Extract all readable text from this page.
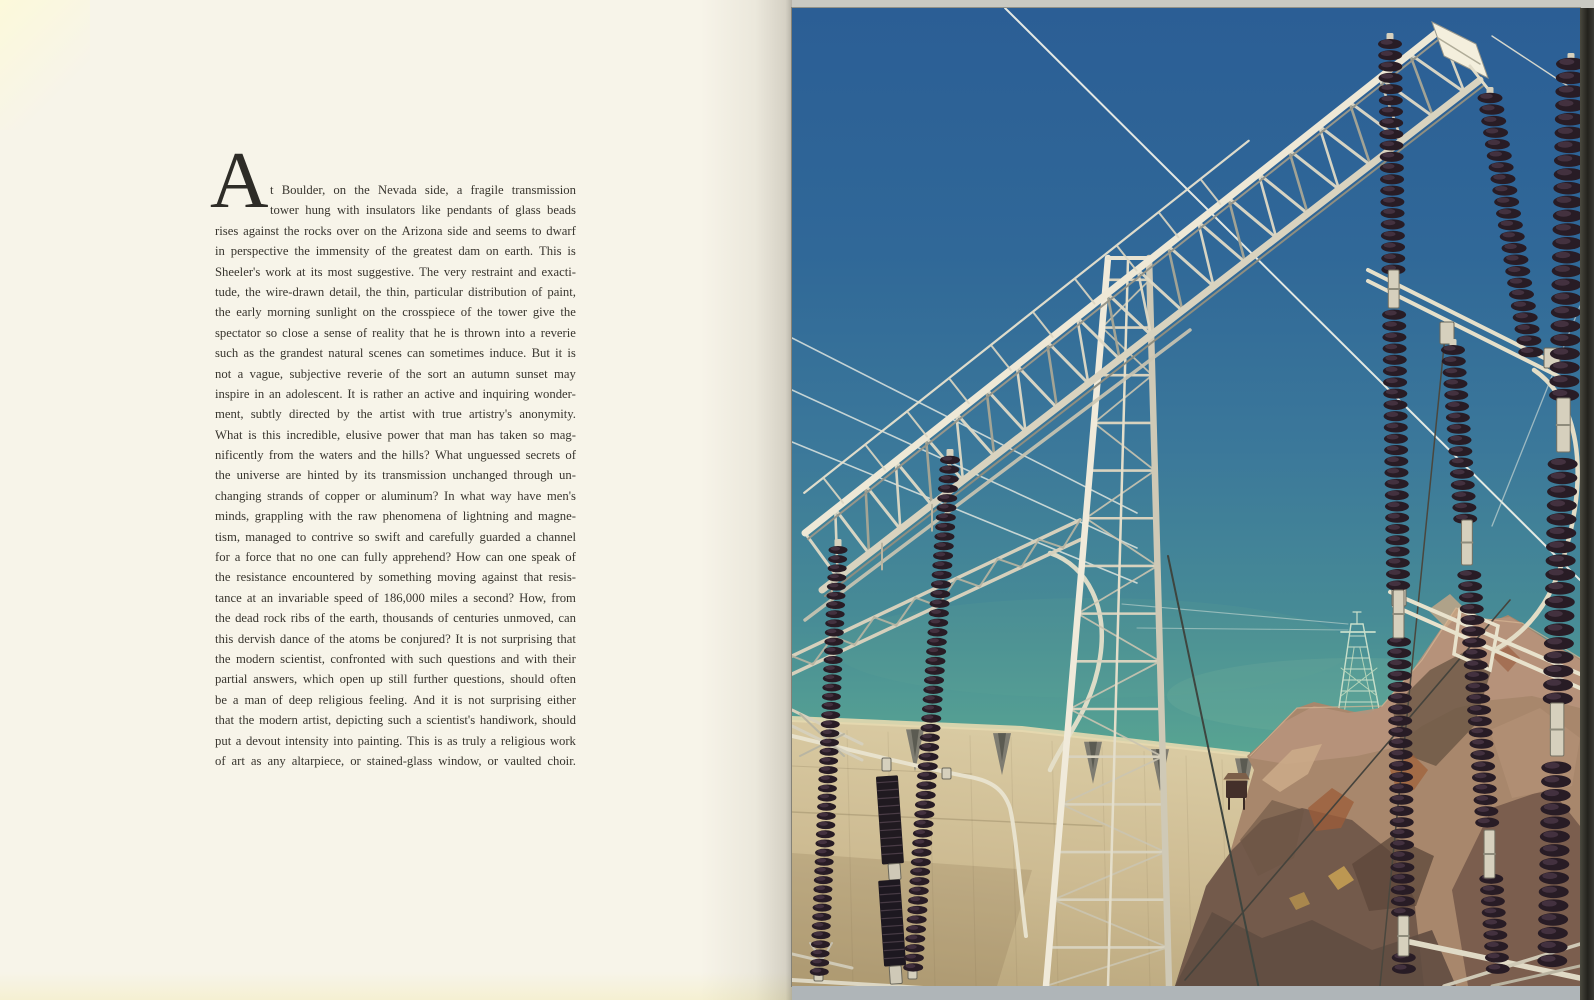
A t Boulder, on the Nevada side, a fragile transmission
tower hung with insulators like pendants of glass beads
rises against the rocks over on the Arizona side and seems to dwarf
in perspective the immensity of the greatest dam on earth. This is
Sheeler's work at its most suggestive. The very restraint and exacti-
tude, the wire-drawn detail, the thin, particular distribution of paint,
the early morning sunlight on the crosspiece of the tower give the
spectator so close a sense of reality that he is thrown into a reverie
such as the grandest natural scenes can sometimes induce. But it is
not a vague, subjective reverie of the sort an autumn sunset may
inspire in an adolescent. It is rather an active and inquiring wonder-
ment, subtly directed by the artist with true artistry's anonymity.
What is this incredible, elusive power that man has taken so mag-
nificently from the waters and the hills? What unguessed secrets of
the universe are hinted by its transmission unchanged through un-
changing strands of copper or aluminum? In what way have men's
minds, grappling with the raw phenomena of lightning and magne-
tism, managed to contrive so swift and carefully guarded a channel
for a force that no one can fully apprehend? How can one speak of
the resistance encountered by something moving against that resis-
tance at an invariable speed of 186,000 miles a second? How, from
the dead rock ribs of the earth, thousands of centuries unmoved, can
this dervish dance of the atoms be conjured? It is not surprising that
the modern scientist, confronted with such questions and with their
partial answers, which open up still further questions, should often
be a man of deep religious feeling. And it is not surprising either
that the modern artist, depicting such a scientist's handiwork, should
put a devout intensity into painting. This is as truly a religious work
of art as any altarpiece, or stained-glass window, or vaulted choir.
